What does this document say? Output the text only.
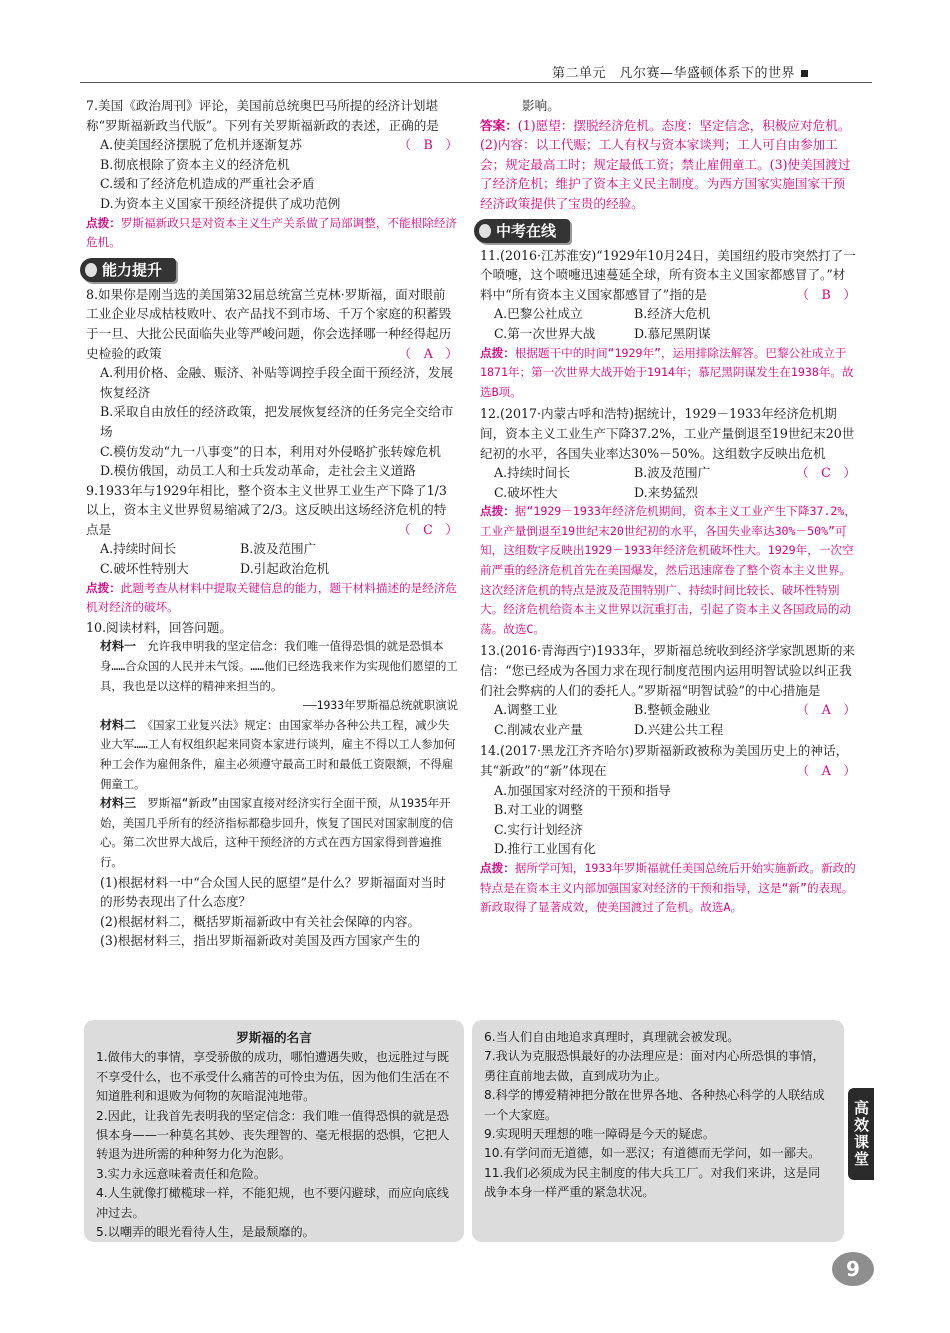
第二单元　凡尔赛—华盛顿体系下的世界
7.美国《政治周刊》评论，美国前总统奥巴马所提的经济计划堪称“罗斯福新政当代版”。下列有关罗斯福新政的表述，正确的是
（　B　）
A.使美国经济摆脱了危机并逐渐复苏
B.彻底根除了资本主义的经济危机
C.缓和了经济危机造成的严重社会矛盾
D.为资本主义国家干预经济提供了成功范例
点拨：罗斯福新政只是对资本主义生产关系做了局部调整，不能根除经济危机。
能力提升
8.如果你是刚当选的美国第32届总统富兰克林·罗斯福，面对眼前工业企业尽成枯枝败叶、农产品找不到市场、千万个家庭的积蓄毁于一旦、大批公民面临失业等严峻问题，你会选择哪一种经得起历史检验的政策	（　A　）
A.利用价格、金融、赈济、补贴等调控手段全面干预经济，发展恢复经济
B.采取自由放任的经济政策，把发展恢复经济的任务完全交给市场
C.模仿发动“九一八事变”的日本，利用对外侵略扩张转嫁危机
D.模仿俄国，动员工人和士兵发动革命，走社会主义道路
9.1933年与1929年相比，整个资本主义世界工业生产下降了1/3以上，资本主义世界贸易缩减了2/3。这反映出这场经济危机的特点是	（　C　）
A.持续时间长	B.波及范围广
C.破坏性特别大	D.引起政治危机
点拨：此题考查从材料中提取关键信息的能力，题干材料描述的是经济危机对经济的破坏。
10.阅读材料，回答问题。
材料一　允许我申明我的坚定信念：我们唯一值得恐惧的就是恐惧本身……合众国的人民并未气馁。……他们已经选我来作为实现他们愿望的工具，我也是以这样的精神来担当的。
——1933年罗斯福总统就职演说
材料二　《国家工业复兴法》规定：由国家举办各种公共工程，减少失业大军……工人有权组织起来同资本家进行谈判，雇主不得以工人参加何种工会作为雇佣条件，雇主必须遵守最高工时和最低工资限额，不得雇佣童工。
材料三　罗斯福“新政”由国家直接对经济实行全面干预，从1935年开始，美国几乎所有的经济指标都稳步回升，恢复了国民对国家制度的信心。第二次世界大战后，这种干预经济的方式在西方国家得到普遍推行。
(1)根据材料一中“合众国人民的愿望”是什么？罗斯福面对当时的形势表现出了什么态度？
(2)根据材料二，概括罗斯福新政中有关社会保障的内容。
(3)根据材料三，指出罗斯福新政对美国及西方国家产生的
影响。
答案：(1)愿望：摆脱经济危机。态度：坚定信念，积极应对危机。(2)内容：以工代赈；工人有权与资本家谈判；工人可自由参加工会；规定最高工时；规定最低工资；禁止雇佣童工。(3)使美国渡过了经济危机；维护了资本主义民主制度。为西方国家实施国家干预经济政策提供了宝贵的经验。
中考在线
11.(2016·江苏淮安)“1929年10月24日，美国纽约股市突然打了一个喷嚏，这个喷嚏迅速蔓延全球，所有资本主义国家都感冒了。”材料中“所有资本主义国家都感冒了”指的是	（　B　）
A.巴黎公社成立	B.经济大危机
C.第一次世界大战	D.慕尼黑阴谋
点拨：根据题干中的时间“1929年”，运用排除法解答。巴黎公社成立于1871年；第一次世界大战开始于1914年；慕尼黑阴谋发生在1938年。故选B项。
12.(2017·内蒙古呼和浩特)据统计，1929－1933年经济危机期间，资本主义工业生产下降37.2%，工业产量倒退至19世纪末20世纪初的水平，各国失业率达30%－50%。这组数字反映出危机
（　C　）
A.持续时间长	B.波及范围广
C.破坏性大	D.来势猛烈
点拨：据“1929－1933年经济危机期间，资本主义工业产生下降37.2%，工业产量倒退至19世纪末20世纪初的水平，各国失业率达30%－50%”可知，这组数字反映出1929－1933年经济危机破坏性大。1929年，一次空前严重的经济危机首先在美国爆发，然后迅速席卷了整个资本主义世界。这次经济危机的特点是波及范围特别广、持续时间比较长、破坏性特别大。经济危机给资本主义世界以沉重打击，引起了资本主义各国政局的动荡。故选C。
13.(2016·青海西宁)1933年，罗斯福总统收到经济学家凯恩斯的来信：“您已经成为各国力求在现行制度范围内运用明智试验以纠正我们社会弊病的人们的委托人。”罗斯福“明智试验”的中心措施是
（　A　）
A.调整工业	B.整顿金融业
C.削减农业产量	D.兴建公共工程
14.(2017·黑龙江齐齐哈尔)罗斯福新政被称为美国历史上的神话，其“新政”的“新”体现在	（　A　）
A.加强国家对经济的干预和指导
B.对工业的调整
C.实行计划经济
D.推行工业国有化
点拨：据所学可知，1933年罗斯福就任美国总统后开始实施新政。新政的特点是在资本主义内部加强国家对经济的干预和指导，这是“新”的表现。新政取得了显著成效，使美国渡过了危机。故选A。
罗斯福的名言
1.做伟大的事情，享受骄傲的成功，哪怕遭遇失败，也远胜过与既不享受什么，也不承受什么痛苦的可怜虫为伍，因为他们生活在不知道胜利和退败为何物的灰暗混沌地带。
2.因此，让我首先表明我的坚定信念：我们唯一值得恐惧的就是恐惧本身——一种莫名其妙、丧失理智的、毫无根据的恐惧，它把人转退为进所需的种种努力化为泡影。
3.实力永远意味着责任和危险。
4.人生就像打橄榄球一样，不能犯规，也不要闪避球，而应向底线冲过去。
5.以嘲弄的眼光看待人生，是最颓靡的。
6.当人们自由地追求真理时，真理就会被发现。
7.我认为克服恐惧最好的办法理应是：面对内心所恐惧的事情，勇往直前地去做，直到成功为止。
8.科学的博爱精神把分散在世界各地、各种热心科学的人联结成一个大家庭。
9.实现明天理想的唯一障碍是今天的疑虑。
10.有学问而无道德，如一恶汉；有道德而无学问，如一鄙夫。
11.我们必须成为民主制度的伟大兵工厂。对我们来讲，这是同战争本身一样严重的紧急状况。
高效课堂
9
